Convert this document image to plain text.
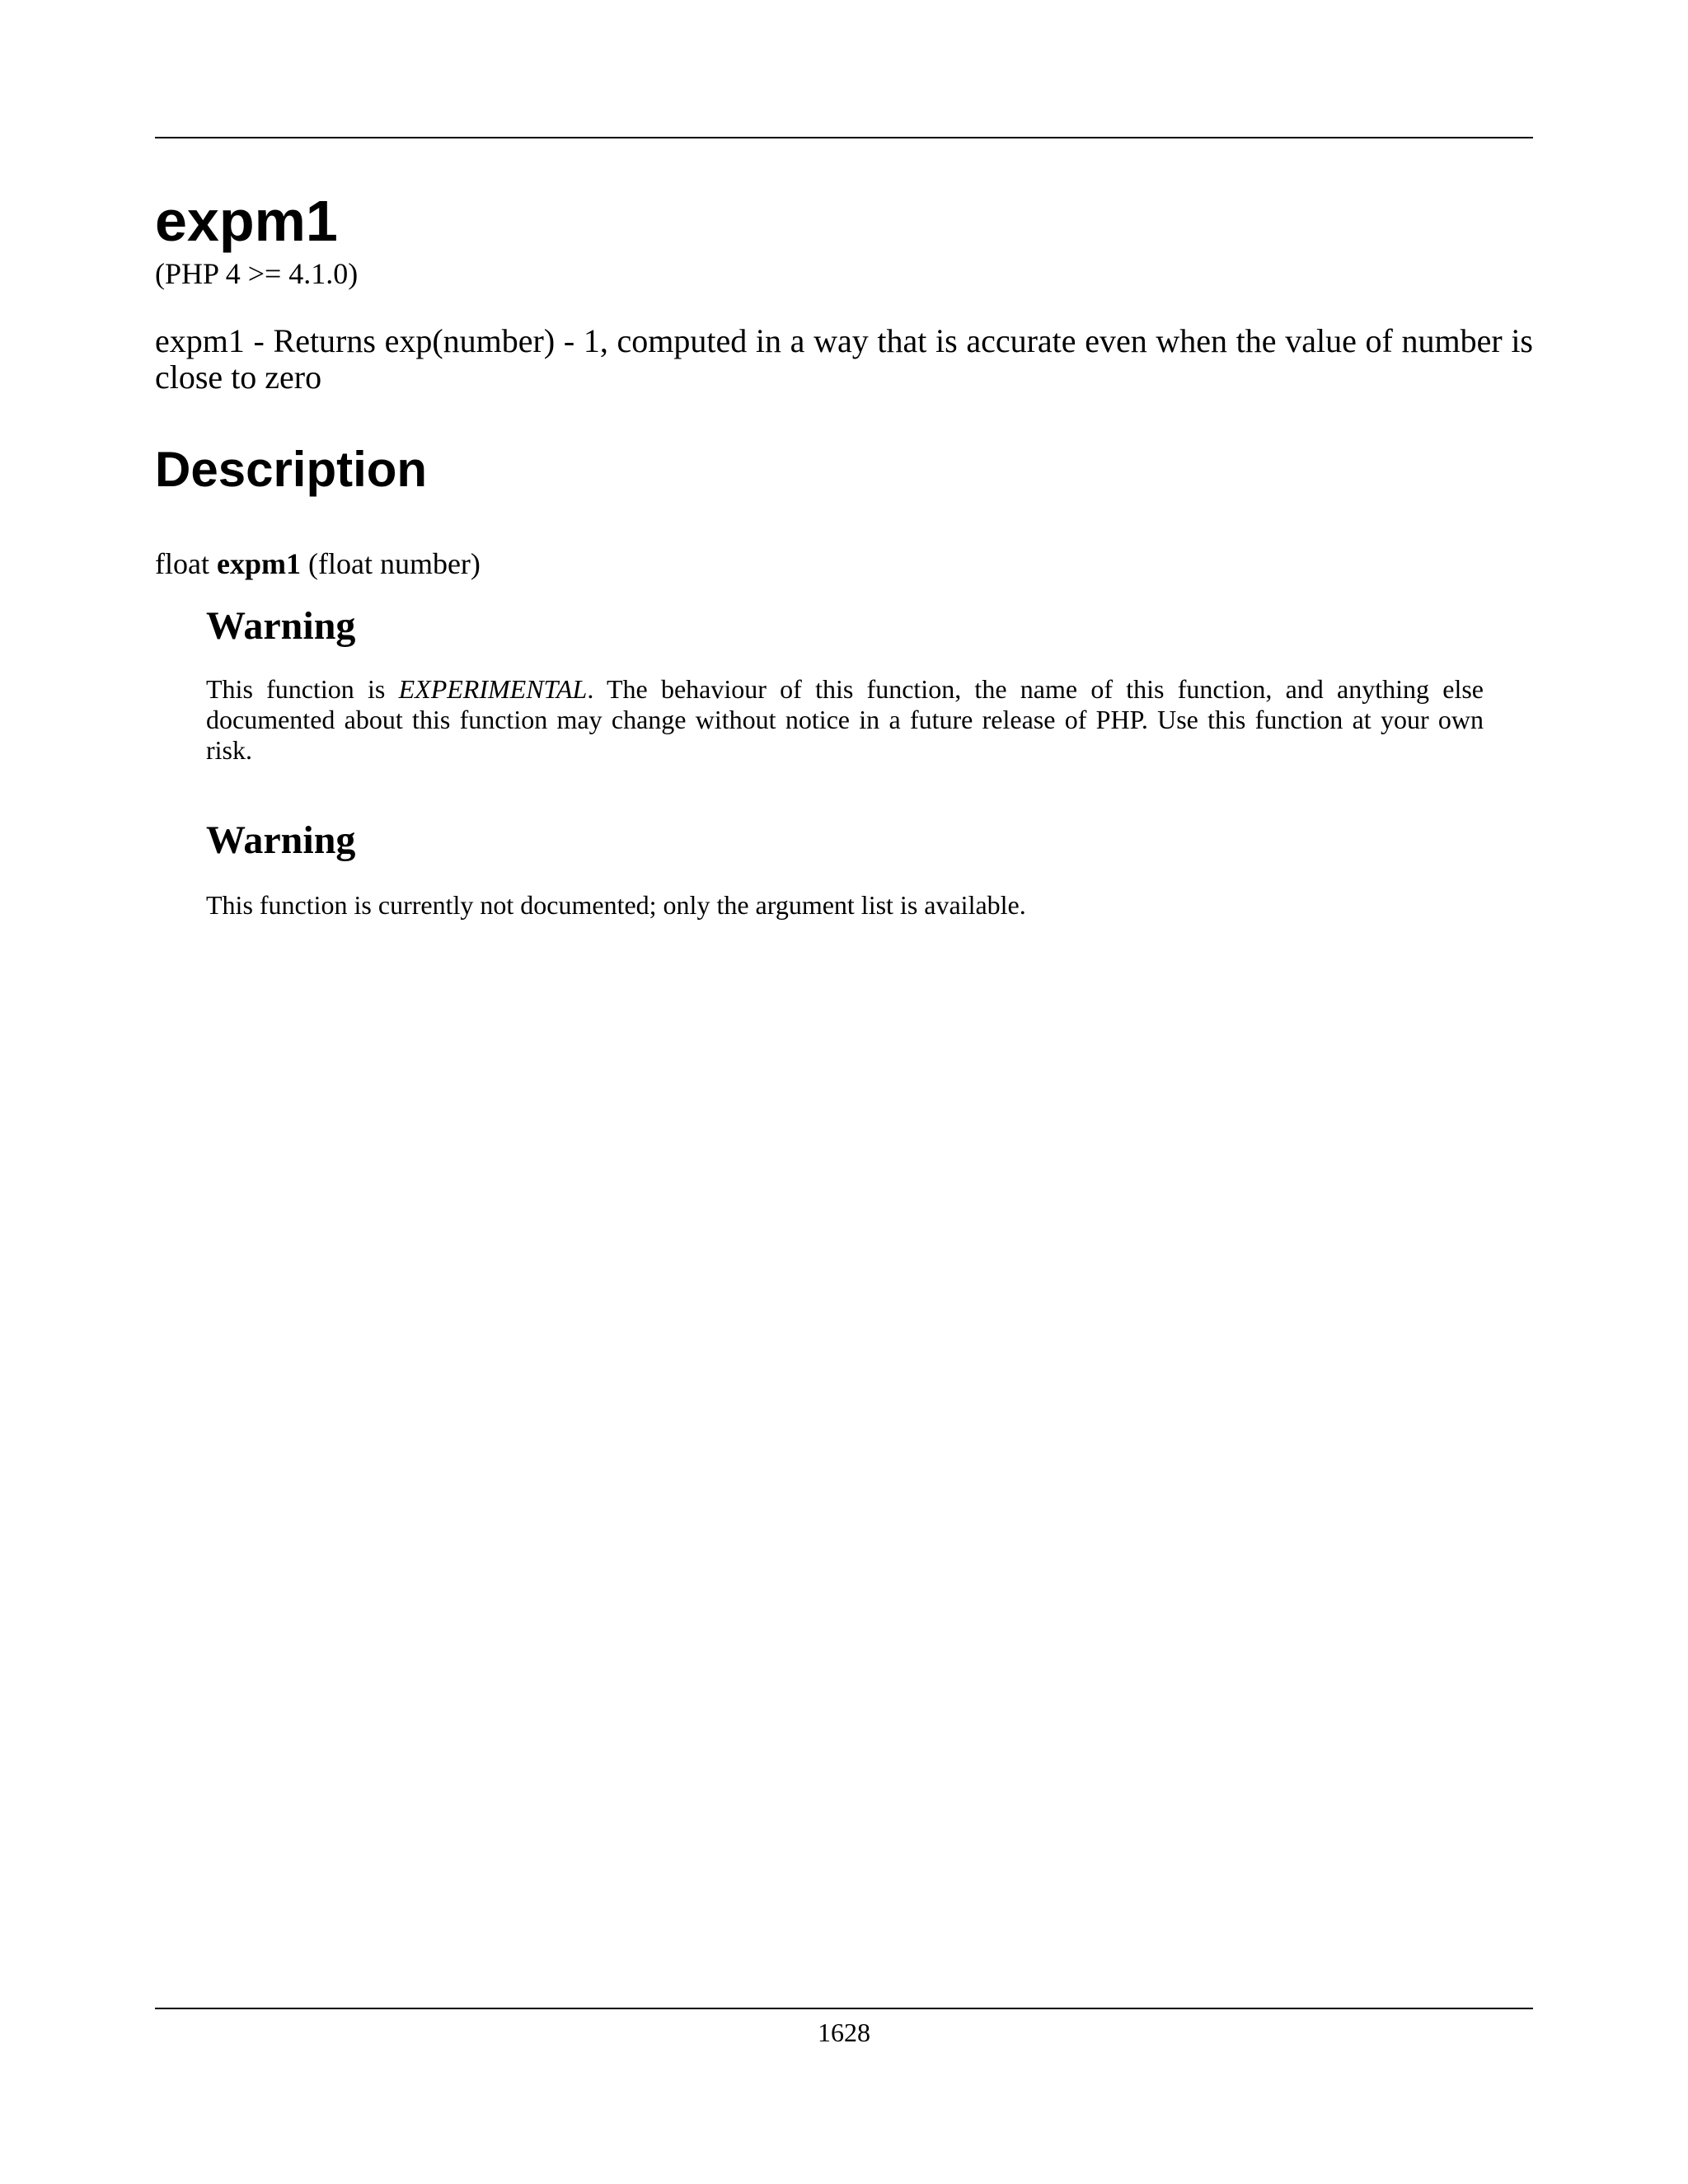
expm1
(PHP 4 >= 4.1.0)
expm1 - Returns exp(number) - 1, computed in a way that is accurate even when the value of number is close to zero
Description
float expm1 (float number)
Warning
This function is EXPERIMENTAL. The behaviour of this function, the name of this function, and anything else documented about this function may change without notice in a future release of PHP. Use this function at your own risk.
Warning
This function is currently not documented; only the argument list is available.
1628
